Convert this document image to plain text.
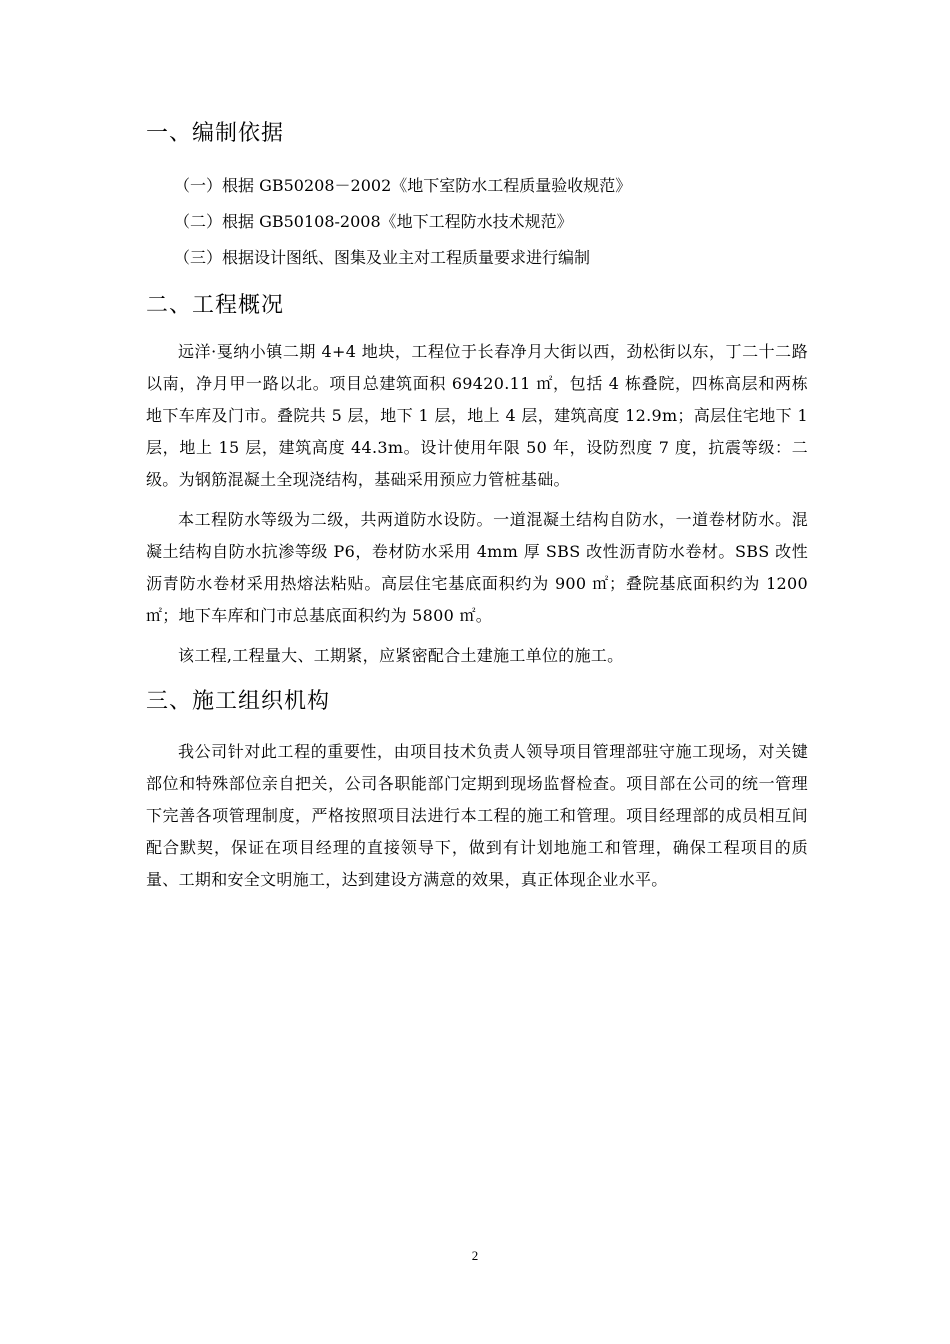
一、编制依据
（一）根据 GB50208－2002《地下室防水工程质量验收规范》
（二）根据 GB50108-2008《地下工程防水技术规范》
（三）根据设计图纸、图集及业主对工程质量要求进行编制
二、工程概况

远洋·戛纳小镇二期 4+4 地块，工程位于长春净月大街以西，劲松街以东，丁二十二路以南，净月甲一路以北。项目总建筑面积 69420.11 ㎡，包括 4 栋叠院，四栋高层和两栋地下车库及门市。叠院共 5 层，地下 1 层，地上 4 层，建筑高度 12.9m；高层住宅地下 1 层，地上 15 层，建筑高度 44.3m。设计使用年限 50 年，设防烈度 7 度，抗震等级：二级。为钢筋混凝土全现浇结构，基础采用预应力管桩基础。

本工程防水等级为二级，共两道防水设防。一道混凝土结构自防水，一道卷材防水。混凝土结构自防水抗渗等级 P6，卷材防水采用 4mm 厚 SBS 改性沥青防水卷材。SBS 改性沥青防水卷材采用热熔法粘贴。高层住宅基底面积约为 900 ㎡；叠院基底面积约为 1200 ㎡；地下车库和门市总基底面积约为 5800 ㎡。

该工程,工程量大、工期紧，应紧密配合土建施工单位的施工。

三、施工组织机构

我公司针对此工程的重要性，由项目技术负责人领导项目管理部驻守施工现场，对关键部位和特殊部位亲自把关，公司各职能部门定期到现场监督检查。项目部在公司的统一管理下完善各项管理制度，严格按照项目法进行本工程的施工和管理。项目经理部的成员相互间配合默契，保证在项目经理的直接领导下，做到有计划地施工和管理，确保工程项目的质量、工期和安全文明施工，达到建设方满意的效果，真正体现企业水平。

2
